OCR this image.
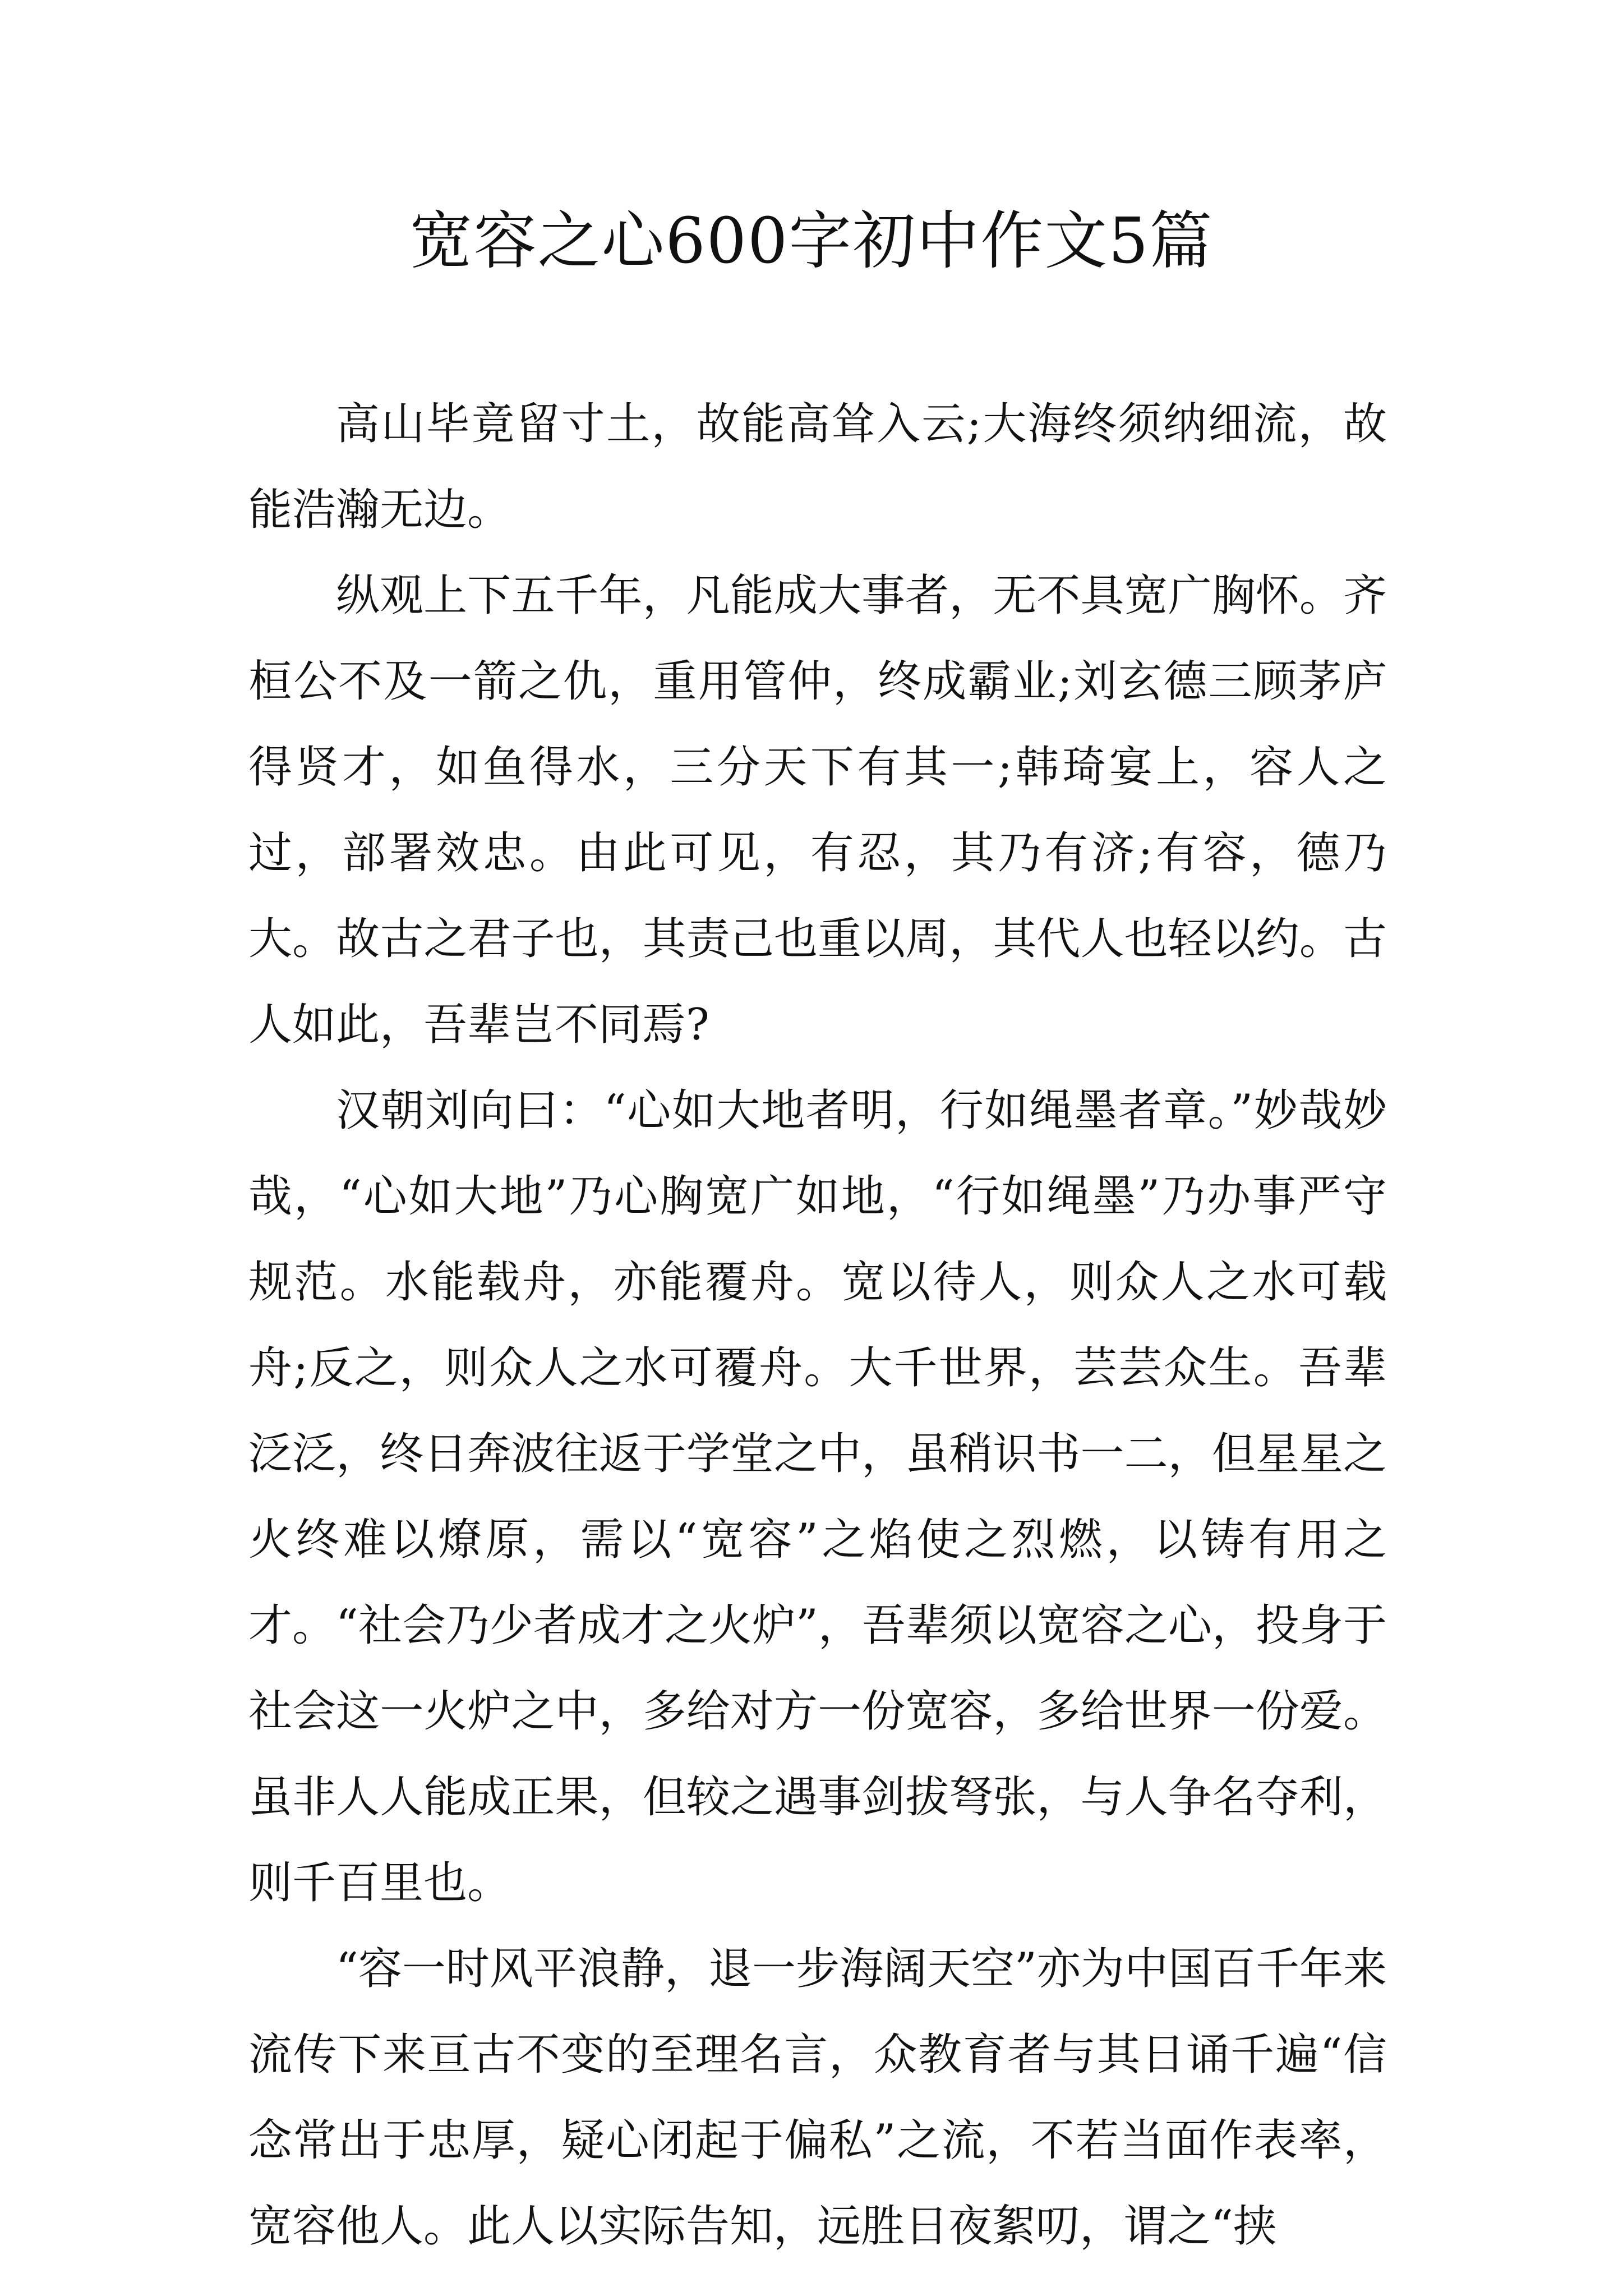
宽容之心600字初中作文5篇

高山毕竟留寸土，故能高耸入云;大海终须纳细流，故能浩瀚无边。

纵观上下五千年，凡能成大事者，无不具宽广胸怀。齐桓公不及一箭之仇，重用管仲，终成霸业;刘玄德三顾茅庐得贤才，如鱼得水，三分天下有其一;韩琦宴上，容人之过，部署效忠。由此可见，有忍，其乃有济;有容，德乃大。故古之君子也，其责己也重以周，其代人也轻以约。古人如此，吾辈岂不同焉?

汉朝刘向曰：“心如大地者明，行如绳墨者章。”妙哉妙哉，“心如大地”乃心胸宽广如地，“行如绳墨”乃办事严守规范。水能载舟，亦能覆舟。宽以待人，则众人之水可载舟;反之，则众人之水可覆舟。大千世界，芸芸众生。吾辈泛泛，终日奔波往返于学堂之中，虽稍识书一二，但星星之火终难以燎原，需以“宽容”之焰使之烈燃，以铸有用之才。“社会乃少者成才之火炉”，吾辈须以宽容之心，投身于社会这一火炉之中，多给对方一份宽容，多给世界一份爱。虽非人人能成正果，但较之遇事剑拔弩张，与人争名夺利，则千百里也。

“容一时风平浪静，退一步海阔天空”亦为中国百千年来流传下来亘古不变的至理名言，众教育者与其日诵千遍“信念常出于忠厚，疑心闭起于偏私”之流，不若当面作表率，宽容他人。此人以实际告知，远胜日夜絮叨，谓之“挟
